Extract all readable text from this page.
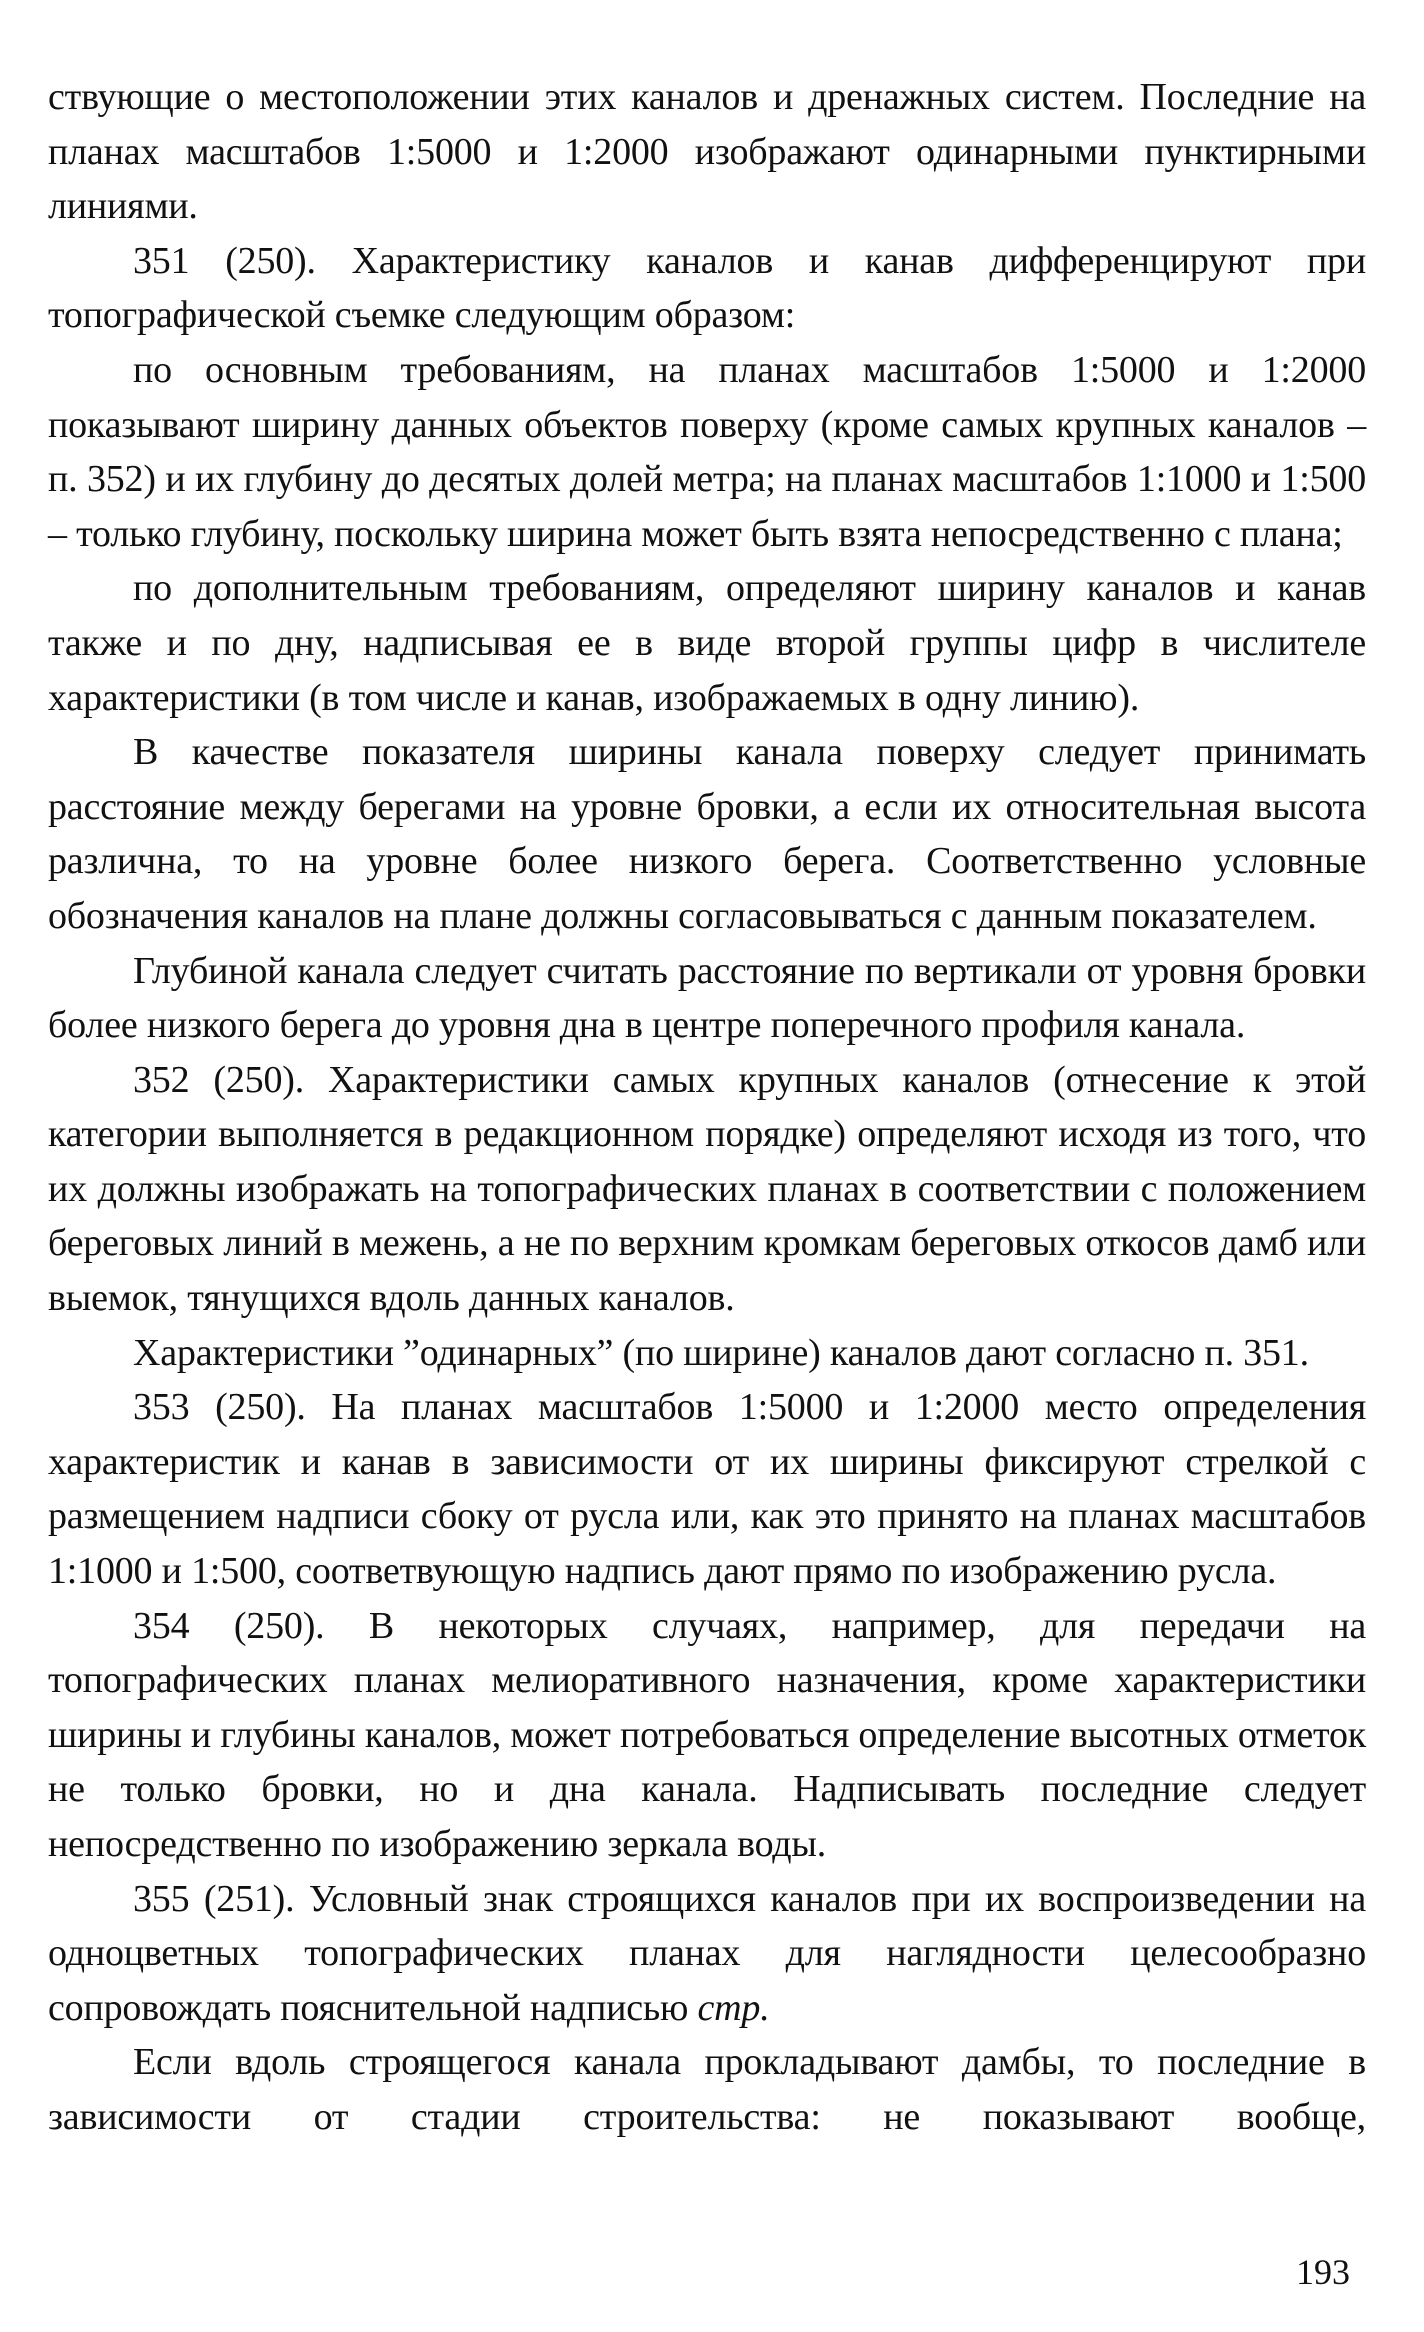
ствующие о местоположении этих каналов и дренажных систем. Последние на планах масштабов 1:5000 и 1:2000 изображают одинарными пунктирными линиями.

351 (250). Характеристику каналов и канав дифференцируют при топографической съемке следующим образом:

по основным требованиям, на планах масштабов 1:5000 и 1:2000 показывают ширину данных объектов поверху (кроме самых крупных каналов – п. 352) и их глубину до десятых долей метра; на планах масштабов 1:1000 и 1:500 – только глубину, поскольку ширина может быть взята непосредственно с плана;

по дополнительным требованиям, определяют ширину каналов и канав также и по дну, надписывая ее в виде второй группы цифр в числителе характеристики (в том числе и канав, изображаемых в одну линию).

В качестве показателя ширины канала поверху следует принимать расстояние между берегами на уровне бровки, а если их относительная высота различна, то на уровне более низкого берега. Соответственно условные обозначения каналов на плане должны согласовываться с данным показателем.

Глубиной канала следует считать расстояние по вертикали от уровня бровки более низкого берега до уровня дна в центре поперечного профиля канала.

352 (250). Характеристики самых крупных каналов (отнесение к этой категории выполняется в редакционном порядке) определяют исходя из того, что их должны изображать на топографических планах в соответствии с положением береговых линий в межень, а не по верхним кромкам береговых откосов дамб или выемок, тянущихся вдоль данных каналов.

Характеристики ”одинарных” (по ширине) каналов дают согласно п. 351.

353 (250). На планах масштабов 1:5000 и 1:2000 место определения характеристик и канав в зависимости от их ширины фиксируют стрелкой с размещением надписи сбоку от русла или, как это принято на планах масштабов 1:1000 и 1:500, соответвующую надпись дают прямо по изображению русла.

354 (250). В некоторых случаях, например, для передачи на топографических планах мелиоративного назначения, кроме характеристики ширины и глубины каналов, может потребоваться определение высотных отметок не только бровки, но и дна канала. Надписывать последние следует непосредственно по изображению зеркала воды.

355 (251). Условный знак строящихся каналов при их воспроизведении на одноцветных топографических планах для наглядности целесообразно сопровождать пояснительной надписью стр.

Если вдоль строящегося канала прокладывают дамбы, то последние в зависимости от стадии строительства: не показывают вообще,

193
